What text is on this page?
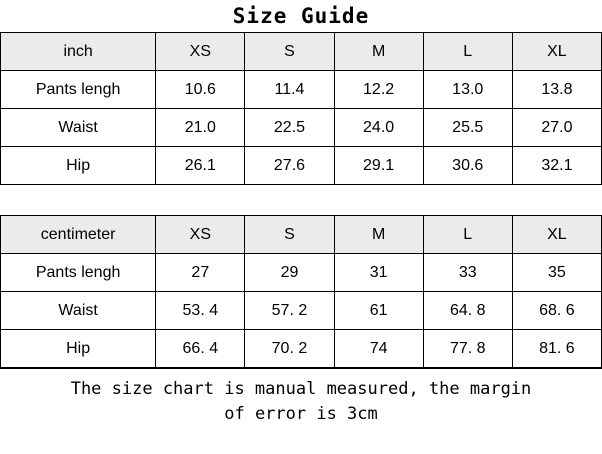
Size Guide
inch	XS	S	M	L	XL
Pants lengh	10.6	11.4	12.2	13.0	13.8
Waist	21.0	22.5	24.0	25.5	27.0
Hip	26.1	27.6	29.1	30.6	32.1
centimeter	XS	S	M	L	XL
Pants lengh	27	29	31	33	35
Waist	53. 4	57. 2	61	64. 8	68. 6
Hip	66. 4	70. 2	74	77. 8	81. 6
The size chart is manual measured, the margin
of error is 3cm
